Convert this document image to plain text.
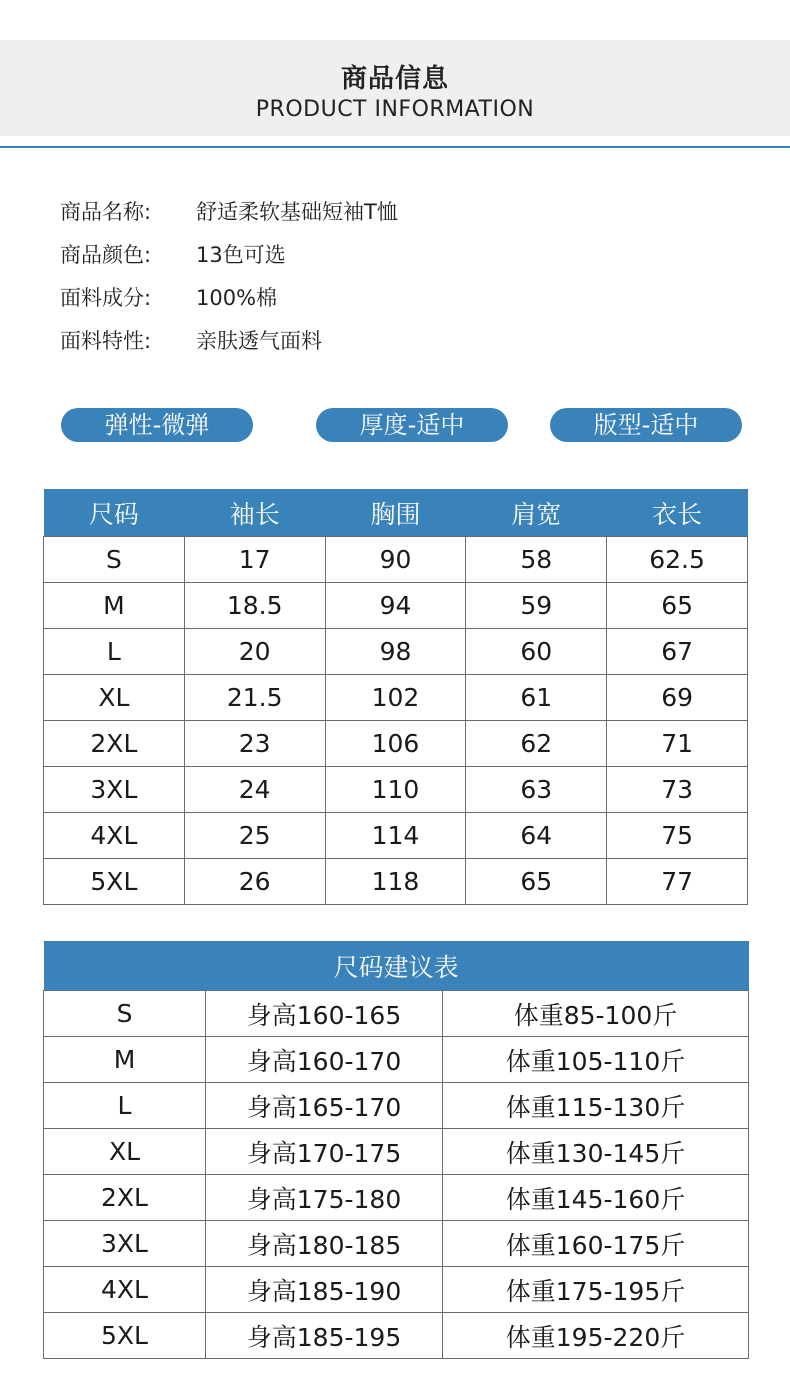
商品信息
PRODUCT INFORMATION
商品名称:	舒适柔软基础短袖T恤
商品颜色:	13色可选
面料成分:	100%棉
面料特性:	亲肤透气面料
弹性-微弹	厚度-适中	版型-适中
尺码	袖长	胸围	肩宽	衣长
S	17	90	58	62.5
M	18.5	94	59	65
L	20	98	60	67
XL	21.5	102	61	69
2XL	23	106	62	71
3XL	24	110	63	73
4XL	25	114	64	75
5XL	26	118	65	77
尺码建议表		
S	身高160-165	体重85-100斤
M	身高160-170	体重105-110斤
L	身高165-170	体重115-130斤
XL	身高170-175	体重130-145斤
2XL	身高175-180	体重145-160斤
3XL	身高180-185	体重160-175斤
4XL	身高185-190	体重175-195斤
5XL	身高185-195	体重195-220斤
